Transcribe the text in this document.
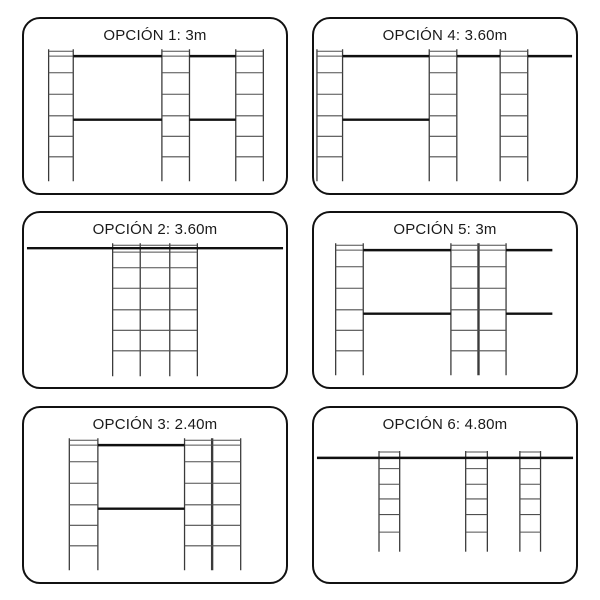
OPCIÓN 1: 3m	OPCIÓN 4: 3.60m
OPCIÓN 2: 3.60m	OPCIÓN 5: 3m
OPCIÓN 3: 2.40m	OPCIÓN 6: 4.80m
